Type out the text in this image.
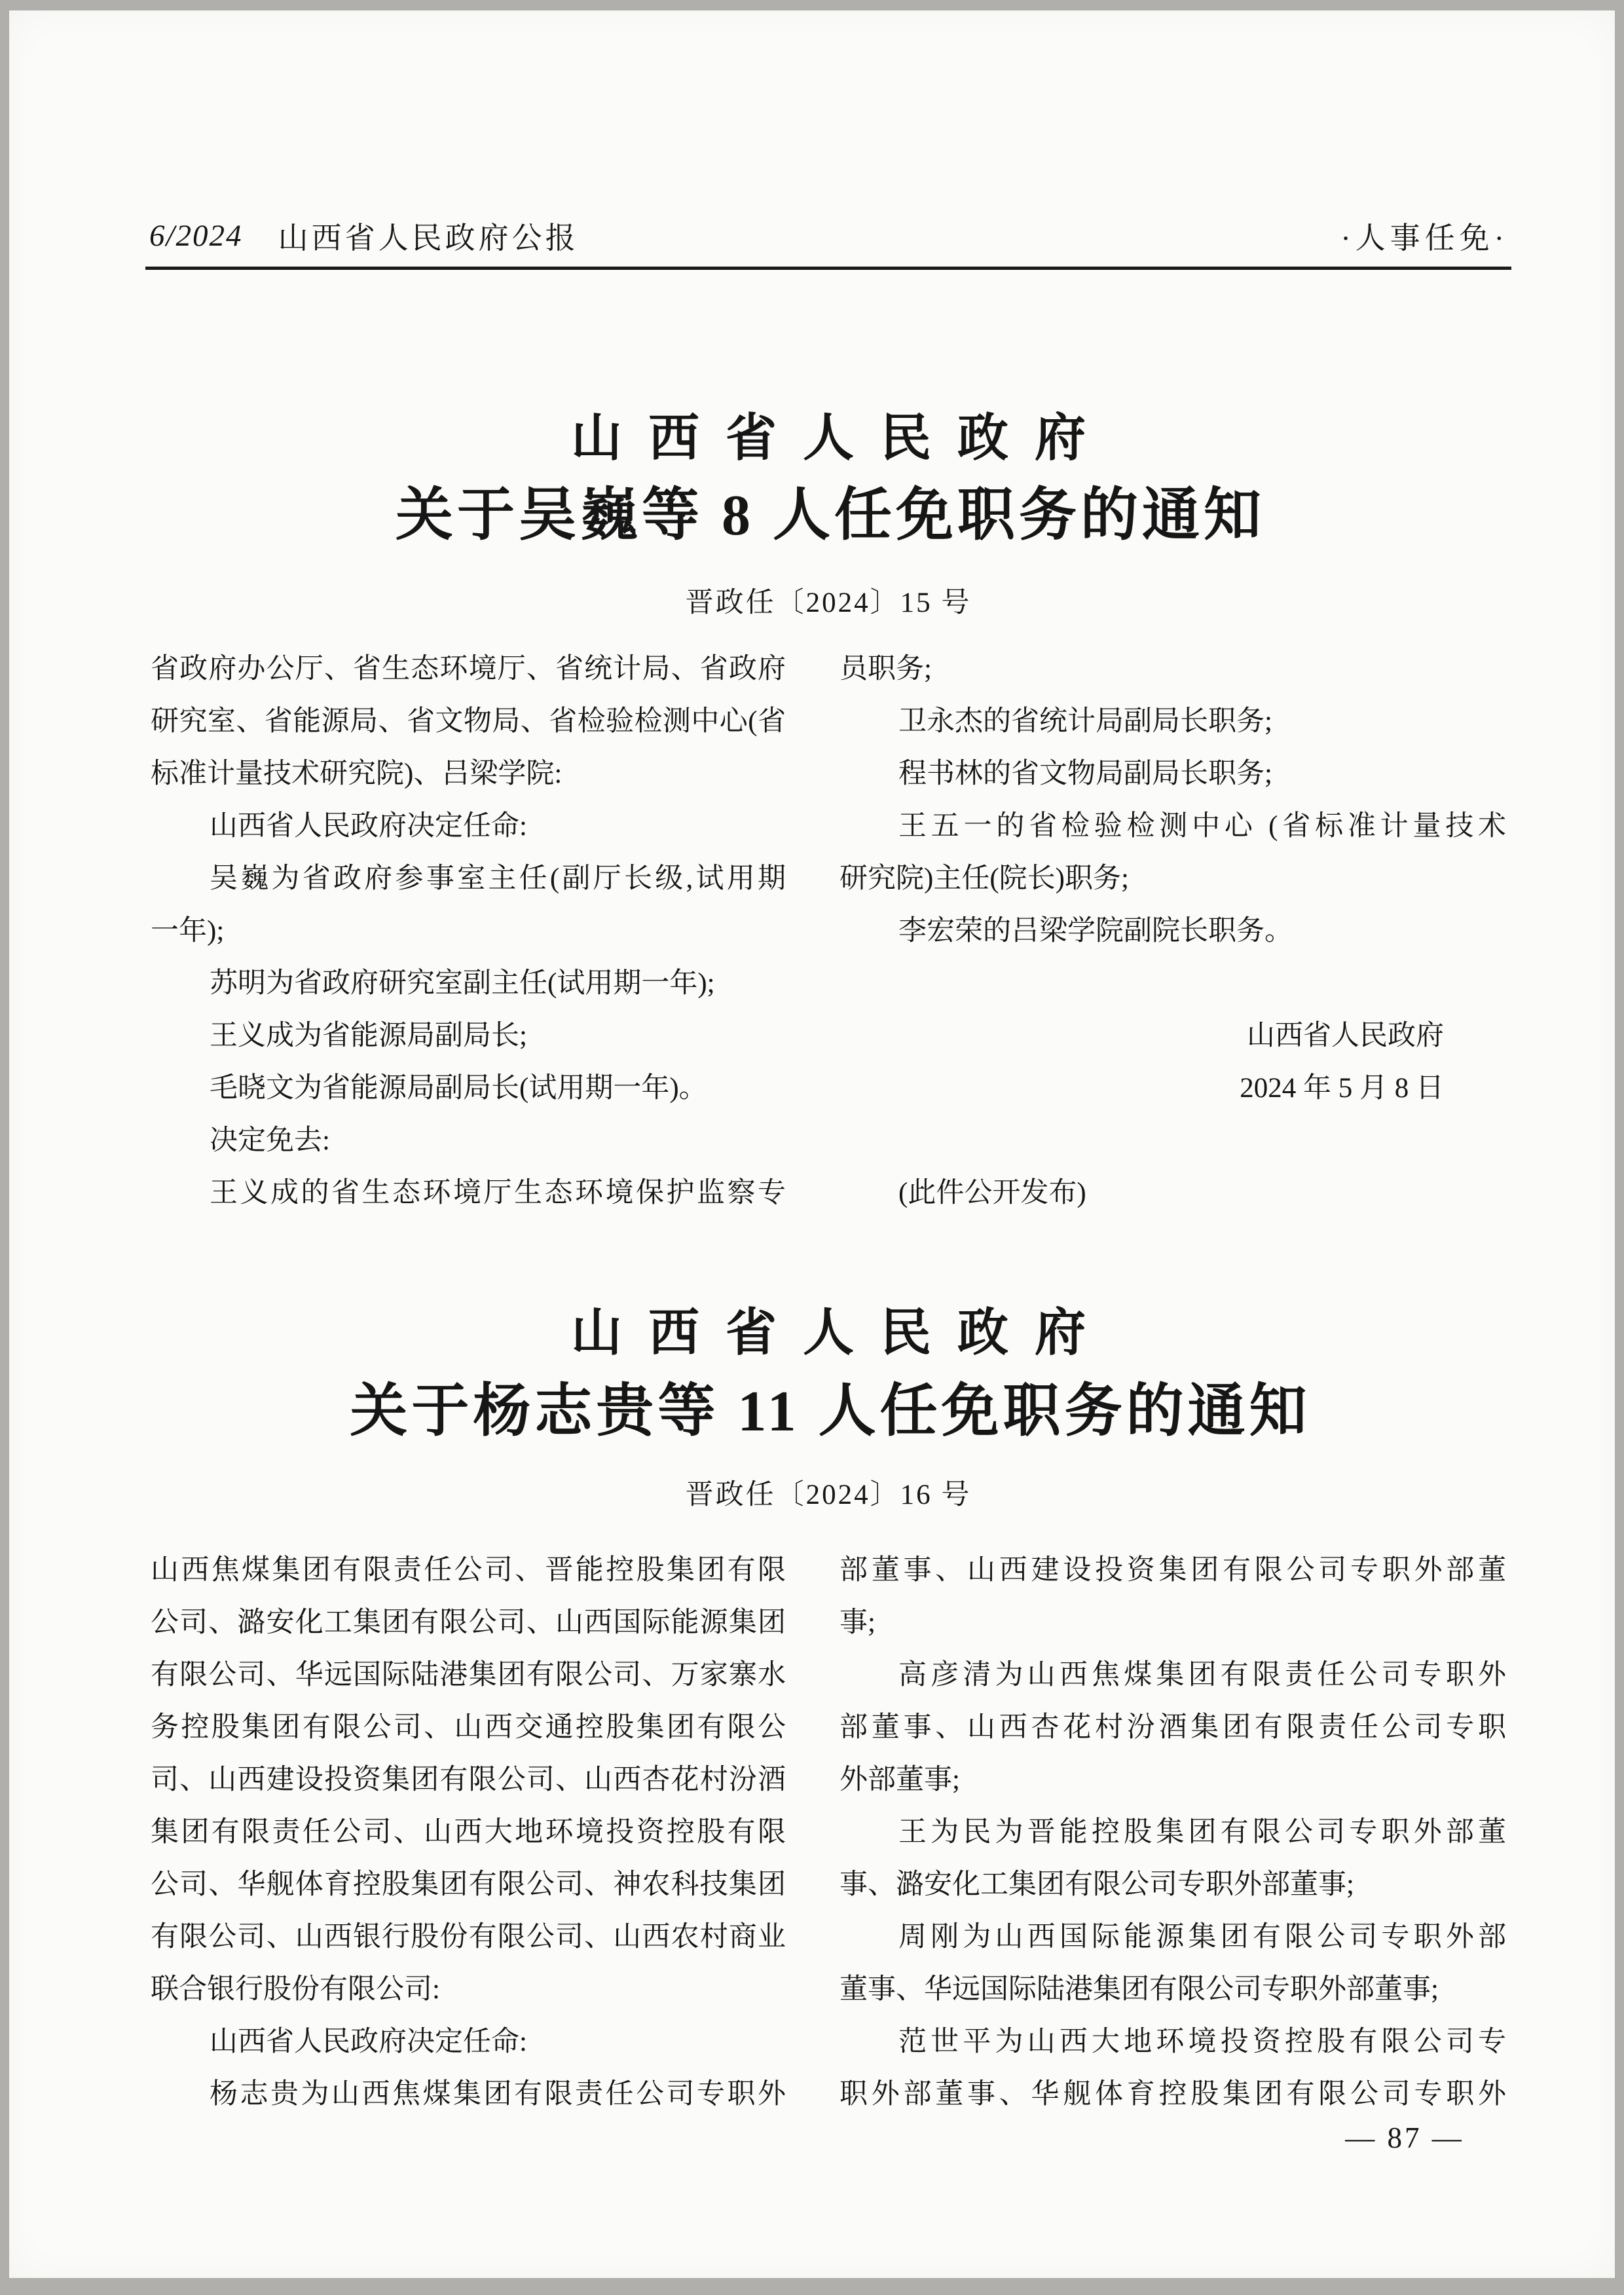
6/2024 山西省人民政府公报	·人事任免·
山西省人民政府
关于吴巍等 8 人任免职务的通知
晋政任〔2024〕15 号
省政府办公厅、省生态环境厅、省统计局、省政府
研究室、省能源局、省文物局、省检验检测中心(省
标准计量技术研究院)、吕梁学院:
山西省人民政府决定任命:
吴巍为省政府参事室主任(副厅长级,试用期
一年);
苏明为省政府研究室副主任(试用期一年);
王义成为省能源局副局长;
毛晓文为省能源局副局长(试用期一年)。
决定免去:
王义成的省生态环境厅生态环境保护监察专
员职务;
卫永杰的省统计局副局长职务;
程书林的省文物局副局长职务;
王五一的省检验检测中心 (省标准计量技术
研究院)主任(院长)职务;
李宏荣的吕梁学院副院长职务。
山西省人民政府
2024 年 5 月 8 日
(此件公开发布)
山西省人民政府
关于杨志贵等 11 人任免职务的通知
晋政任〔2024〕16 号
山西焦煤集团有限责任公司、晋能控股集团有限
公司、潞安化工集团有限公司、山西国际能源集团
有限公司、华远国际陆港集团有限公司、万家寨水
务控股集团有限公司、山西交通控股集团有限公
司、山西建设投资集团有限公司、山西杏花村汾酒
集团有限责任公司、山西大地环境投资控股有限
公司、华舰体育控股集团有限公司、神农科技集团
有限公司、山西银行股份有限公司、山西农村商业
联合银行股份有限公司:
山西省人民政府决定任命:
杨志贵为山西焦煤集团有限责任公司专职外
部董事、山西建设投资集团有限公司专职外部董
事;
高彦清为山西焦煤集团有限责任公司专职外
部董事、山西杏花村汾酒集团有限责任公司专职
外部董事;
王为民为晋能控股集团有限公司专职外部董
事、潞安化工集团有限公司专职外部董事;
周刚为山西国际能源集团有限公司专职外部
董事、华远国际陆港集团有限公司专职外部董事;
范世平为山西大地环境投资控股有限公司专
职外部董事、华舰体育控股集团有限公司专职外
— 87 —
